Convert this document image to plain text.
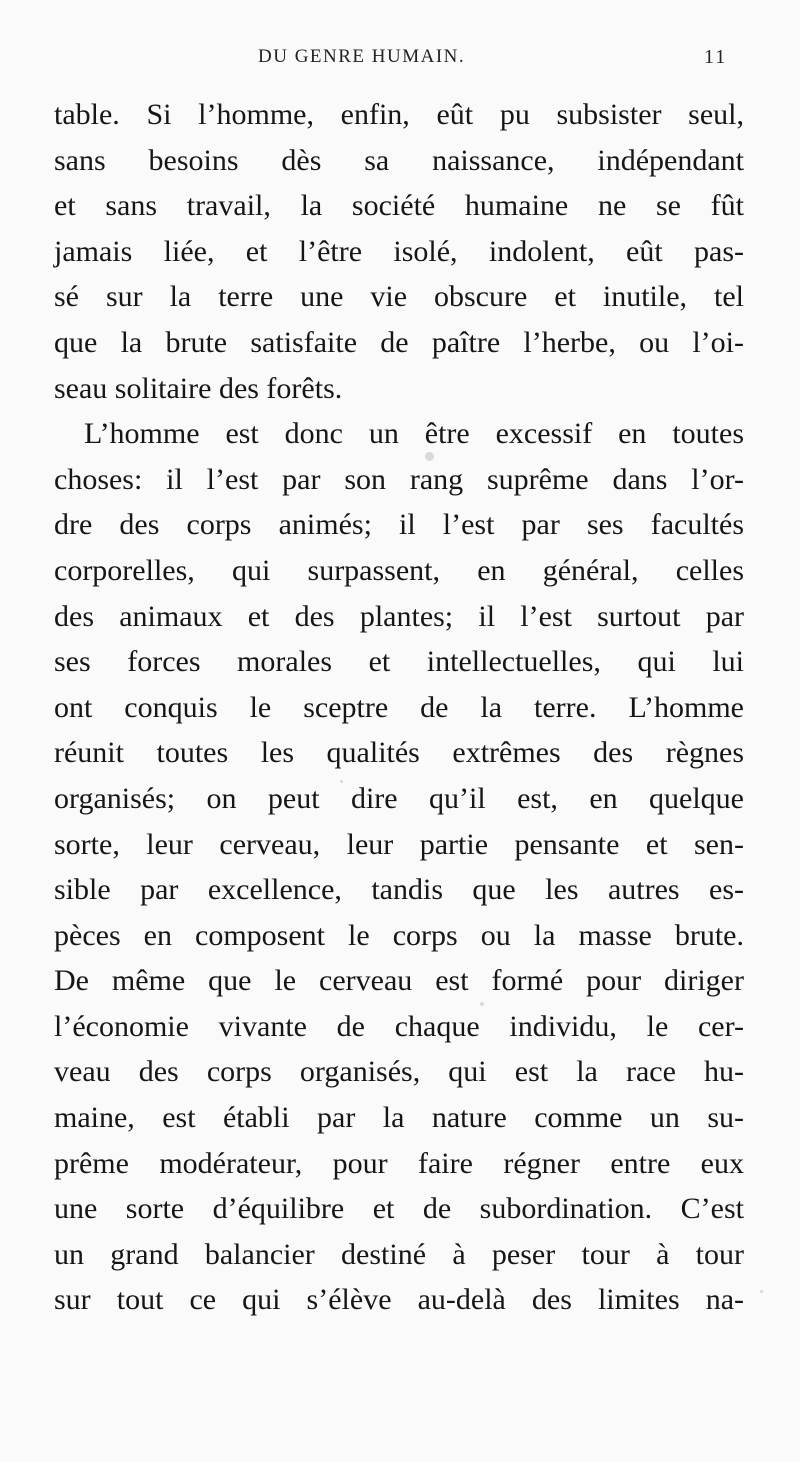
DU GENRE HUMAIN.	11
table. Si l’homme, enfin, eût pu subsister seul,
sans besoins dès sa naissance, indépendant
et sans travail, la société humaine ne se fût
jamais liée, et l’être isolé, indolent, eût pas-
sé sur la terre une vie obscure et inutile, tel
que la brute satisfaite de paître l’herbe, ou l’oi-
seau solitaire des forêts.
L’homme est donc un être excessif en toutes
choses: il l’est par son rang suprême dans l’or-
dre des corps animés; il l’est par ses facultés
corporelles, qui surpassent, en général, celles
des animaux et des plantes; il l’est surtout par
ses forces morales et intellectuelles, qui lui
ont conquis le sceptre de la terre. L’homme
réunit toutes les qualités extrêmes des règnes
organisés; on peut dire qu’il est, en quelque
sorte, leur cerveau, leur partie pensante et sen-
sible par excellence, tandis que les autres es-
pèces en composent le corps ou la masse brute.
De même que le cerveau est formé pour diriger
l’économie vivante de chaque individu, le cer-
veau des corps organisés, qui est la race hu-
maine, est établi par la nature comme un su-
prême modérateur, pour faire régner entre eux
une sorte d’équilibre et de subordination. C’est
un grand balancier destiné à peser tour à tour
sur tout ce qui s’élève au-delà des limites na-
